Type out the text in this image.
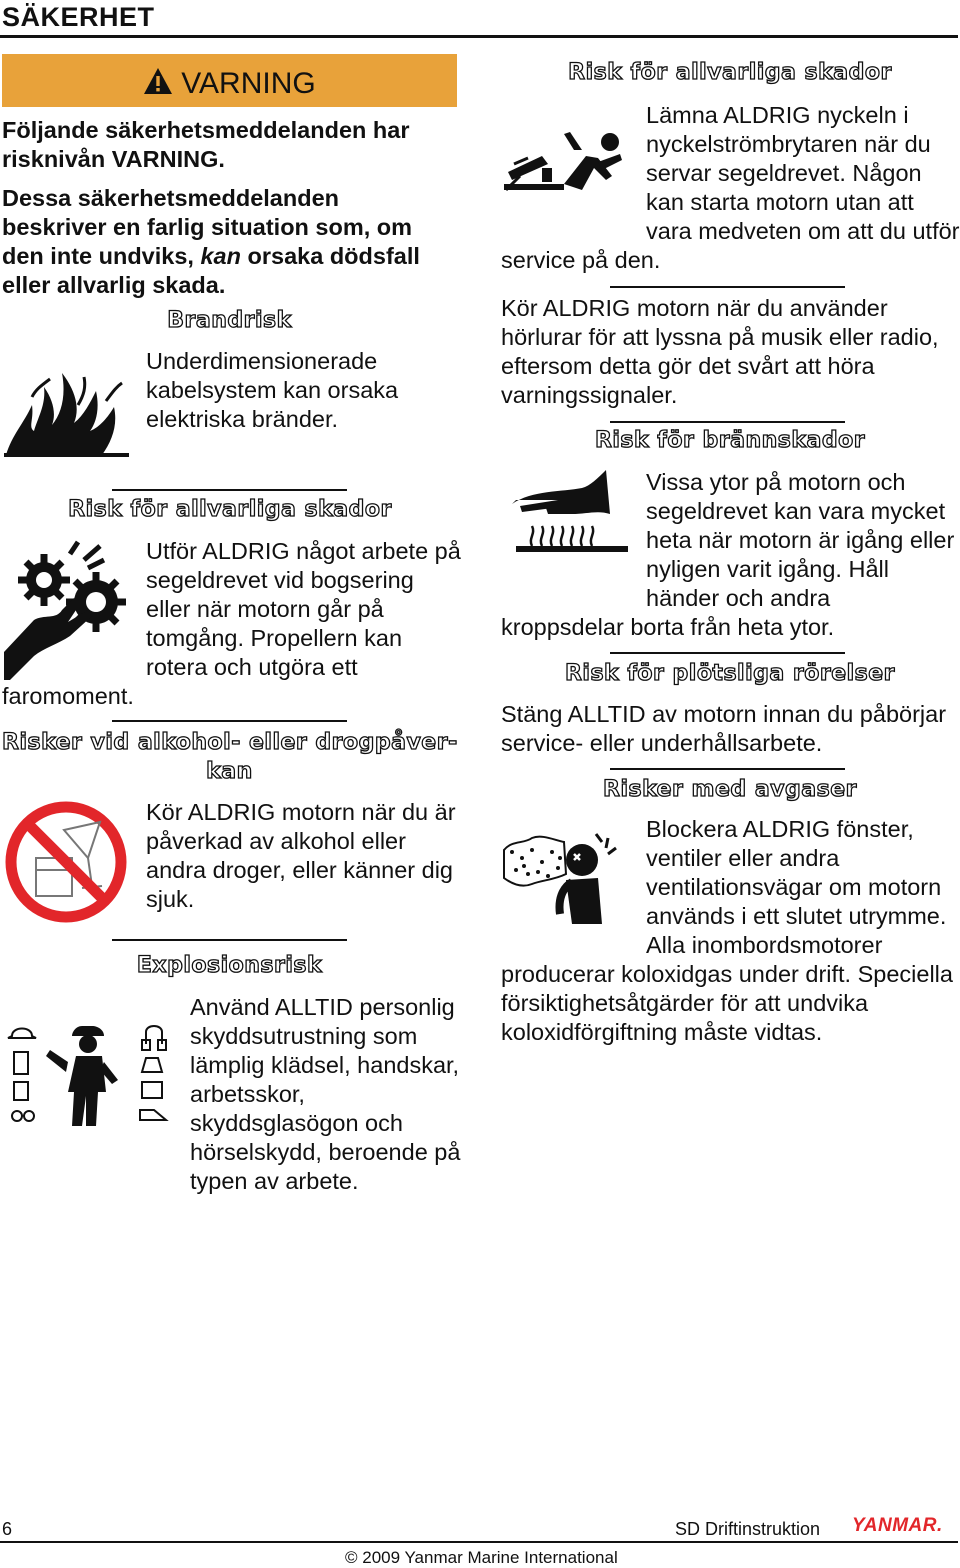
SÄKERHET
VARNING
Följande säkerhetsmeddelanden har risknivån VARNING.
Dessa säkerhetsmeddelanden beskriver en farlig situation som, om den inte undviks, kan orsaka dödsfall eller allvarlig skada.
Brandrisk
Underdimensionerade kabelsystem kan orsaka elektriska bränder.
Risk för allvarliga skador
Utför ALDRIG något arbete på segeldrevet vid bogsering eller när motorn går på tomgång. Propellern kan rotera och utgöra ett
faromoment.
Risker vid alkohol- eller drogpåver-
kan
Kör ALDRIG motorn när du är påverkad av alkohol eller andra droger, eller känner dig sjuk.
Explosionsrisk
Använd ALLTID personlig skyddsutrustning som lämplig klädsel, handskar, arbetsskor, skyddsglasögon och hörselskydd, beroende på typen av arbete.
Risk för allvarliga skador
Lämna ALDRIG nyckeln i nyckelströmbrytaren när du servar segeldrevet. Någon kan starta motorn utan att vara medveten om att du utför
service på den.
Kör ALDRIG motorn när du använder hörlurar för att lyssna på musik eller radio, eftersom detta gör det svårt att höra varningssignaler.
Risk för brännskador
Vissa ytor på motorn och segeldrevet kan vara mycket heta när motorn är igång eller nyligen varit igång. Håll händer och andra
kroppsdelar borta från heta ytor.
Risk för plötsliga rörelser
Stäng ALLTID av motorn innan du påbörjar service- eller underhållsarbete.
Risker med avgaser
Blockera ALDRIG fönster, ventiler eller andra ventilationsvägar om motorn används i ett slutet utrymme. Alla inombordsmotorer
producerar koloxidgas under drift. Speciella försiktighetsåtgärder för att undvika koloxidförgiftning måste vidtas.
6	SD Driftinstruktion YANMAR.
© 2009 Yanmar Marine International
